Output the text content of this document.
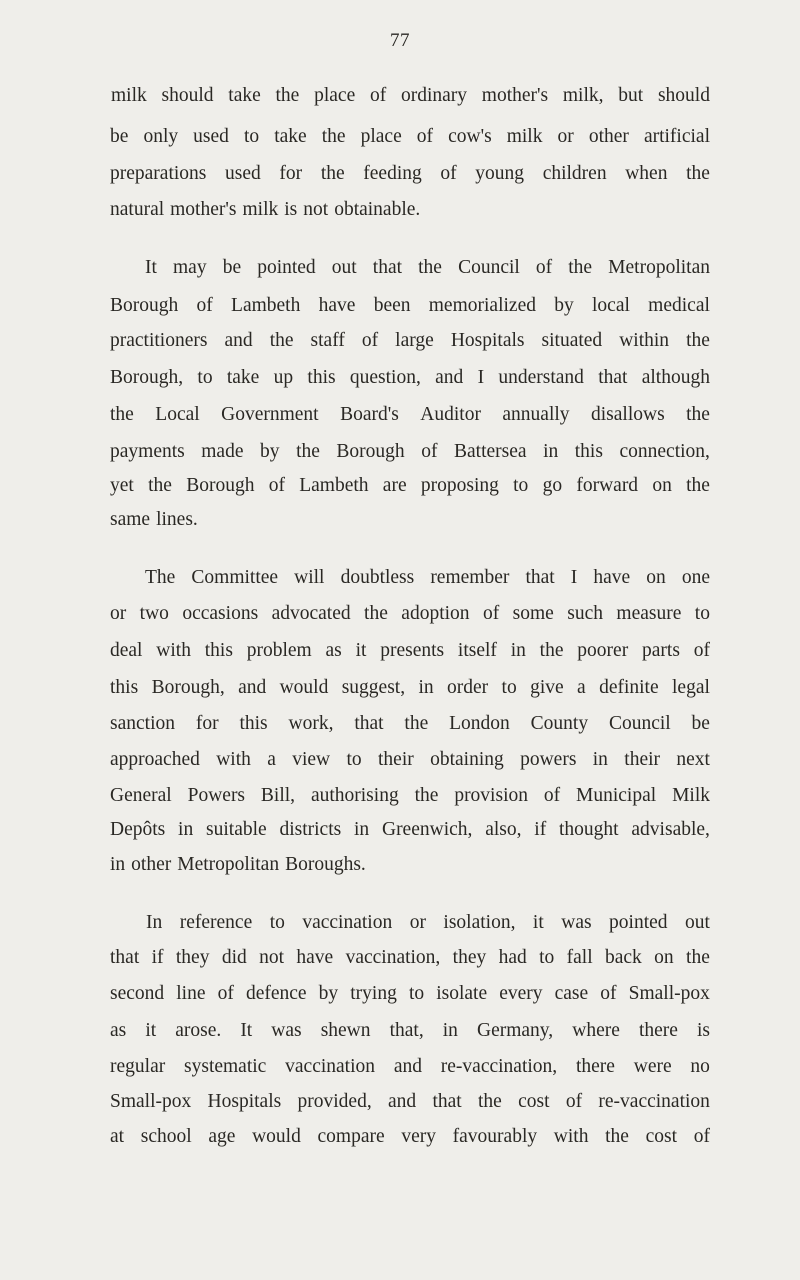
77
milk should take the place of ordinary mother's milk, but should
be only used to take the place of cow's milk or other artificial
preparations used for the feeding of young children when the
natural mother's milk is not obtainable.
It may be pointed out that the Council of the Metropolitan
Borough of Lambeth have been memorialized by local medical
practitioners and the staff of large Hospitals situated within the
Borough, to take up this question, and I understand that although
the Local Government Board's Auditor annually disallows the
payments made by the Borough of Battersea in this connection,
yet the Borough of Lambeth are proposing to go forward on the
same lines.
The Committee will doubtless remember that I have on one
or two occasions advocated the adoption of some such measure to
deal with this problem as it presents itself in the poorer parts of
this Borough, and would suggest, in order to give a definite legal
sanction for this work, that the London County Council be
approached with a view to their obtaining powers in their next
General Powers Bill, authorising the provision of Municipal Milk
Depôts in suitable districts in Greenwich, also, if thought advisable,
in other Metropolitan Boroughs.
In reference to vaccination or isolation, it was pointed out
that if they did not have vaccination, they had to fall back on the
second line of defence by trying to isolate every case of Small-pox
as it arose. It was shewn that, in Germany, where there is
regular systematic vaccination and re-vaccination, there were no
Small-pox Hospitals provided, and that the cost of re-vaccination
at school age would compare very favourably with the cost of
